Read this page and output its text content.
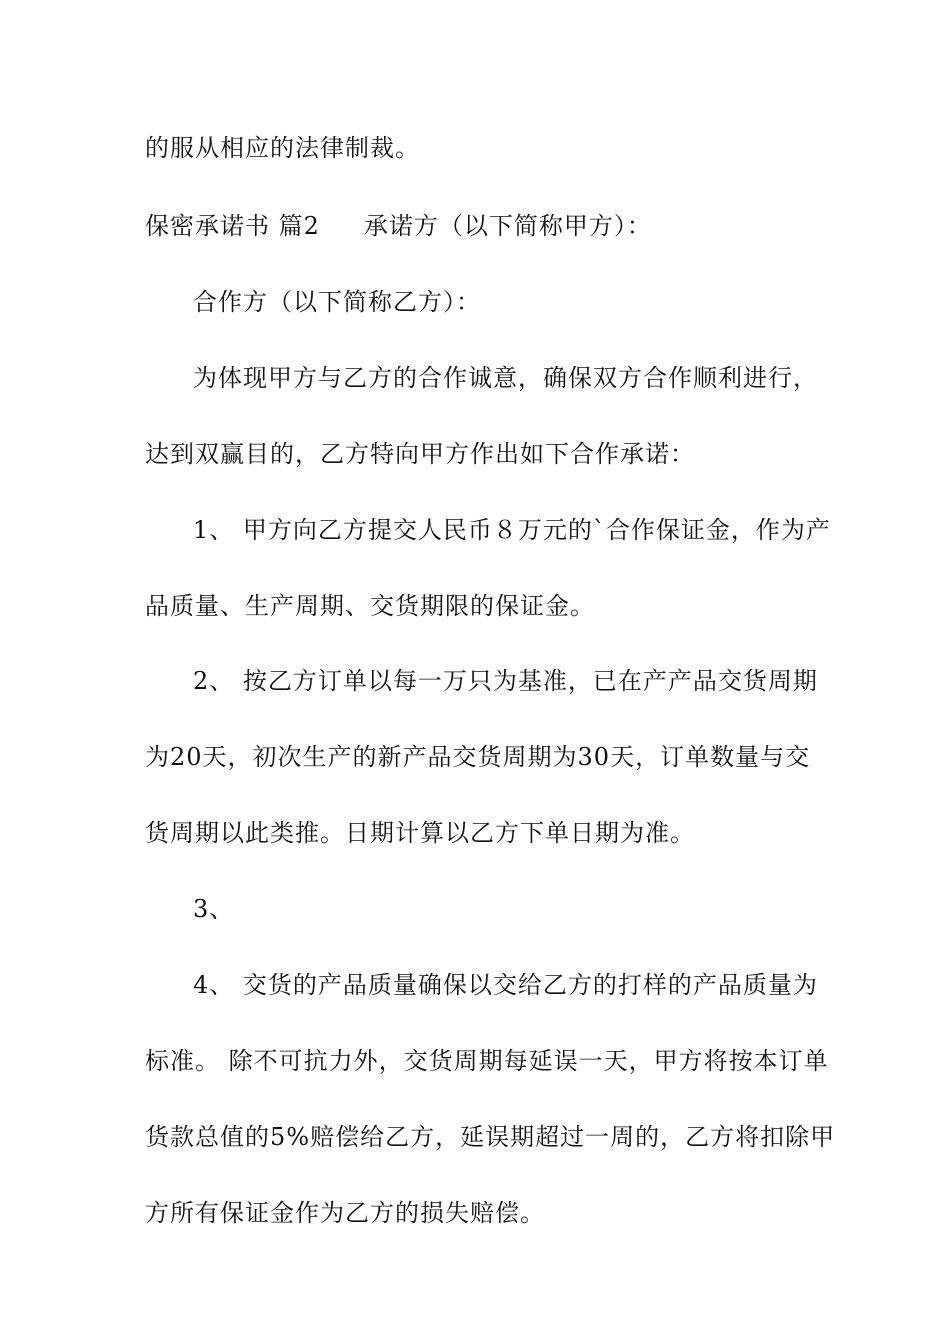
的服从相应的法律制裁。
保密承诺书 篇2 承诺方（以下简称甲方）：
合作方（以下简称乙方）：
为体现甲方与乙方的合作诚意，确保双方合作顺利进行，
达到双赢目的，乙方特向甲方作出如下合作承诺：
1、 甲方向乙方提交人民币８万元的`合作保证金，作为产
品质量、生产周期、交货期限的保证金。
2、 按乙方订单以每一万只为基准，已在产产品交货周期
为20天，初次生产的新产品交货周期为30天，订单数量与交
货周期以此类推。日期计算以乙方下单日期为准。
3、
4、 交货的产品质量确保以交给乙方的打样的产品质量为
标准。 除不可抗力外，交货周期每延误一天，甲方将按本订单
货款总值的5%赔偿给乙方，延误期超过一周的，乙方将扣除甲
方所有保证金作为乙方的损失赔偿。
